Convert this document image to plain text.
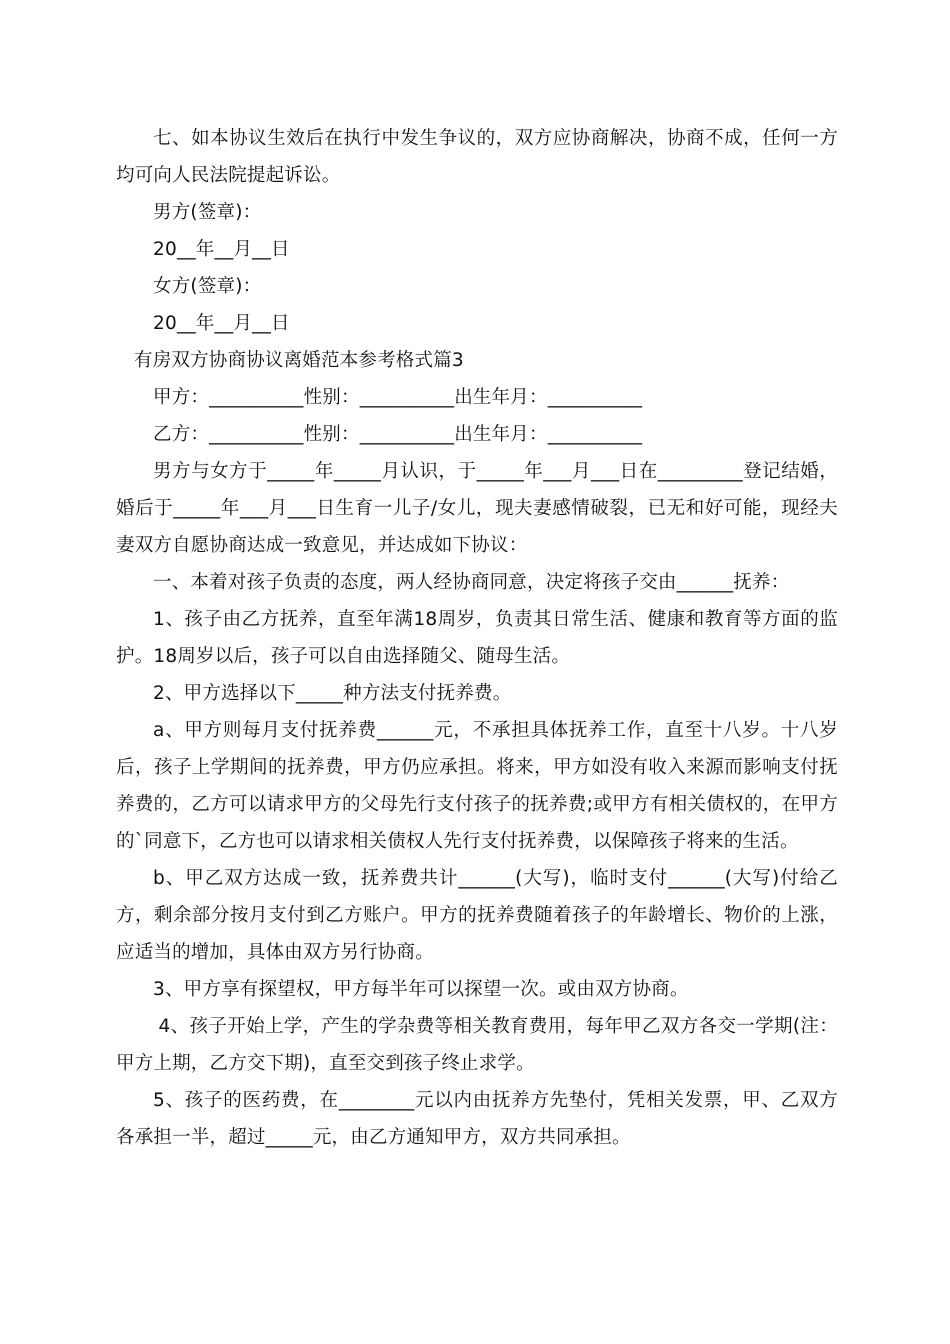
七、如本协议生效后在执行中发生争议的，双方应协商解决，协商不成，任何一方均可向人民法院提起诉讼。

男方(签章)：

20__年__月__日

女方(签章)：

20__年__月__日

有房双方协商协议离婚范本参考格式篇3

甲方：__________性别：__________出生年月：__________

乙方：__________性别：__________出生年月：__________

男方与女方于_____年_____月认识，于_____年___月___日在_________登记结婚，婚后于_____年___月___日生育一儿子/女儿，现夫妻感情破裂，已无和好可能，现经夫妻双方自愿协商达成一致意见，并达成如下协议：

一、本着对孩子负责的态度，两人经协商同意，决定将孩子交由______抚养：

1、孩子由乙方抚养，直至年满18周岁，负责其日常生活、健康和教育等方面的监护。18周岁以后，孩子可以自由选择随父、随母生活。

2、甲方选择以下_____种方法支付抚养费。

a、甲方则每月支付抚养费______元，不承担具体抚养工作，直至十八岁。十八岁后，孩子上学期间的抚养费，甲方仍应承担。将来，甲方如没有收入来源而影响支付抚养费的，乙方可以请求甲方的父母先行支付孩子的抚养费;或甲方有相关债权的，在甲方的`同意下，乙方也可以请求相关债权人先行支付抚养费，以保障孩子将来的生活。

b、甲乙双方达成一致，抚养费共计______(大写)，临时支付______(大写)付给乙方，剩余部分按月支付到乙方账户。甲方的抚养费随着孩子的年龄增长、物价的上涨，应适当的增加，具体由双方另行协商。

3、甲方享有探望权，甲方每半年可以探望一次。或由双方协商。

4、孩子开始上学，产生的学杂费等相关教育费用，每年甲乙双方各交一学期(注：甲方上期，乙方交下期)，直至交到孩子终止求学。

5、孩子的医药费，在________元以内由抚养方先垫付，凭相关发票，甲、乙双方各承担一半，超过_____元，由乙方通知甲方，双方共同承担。
